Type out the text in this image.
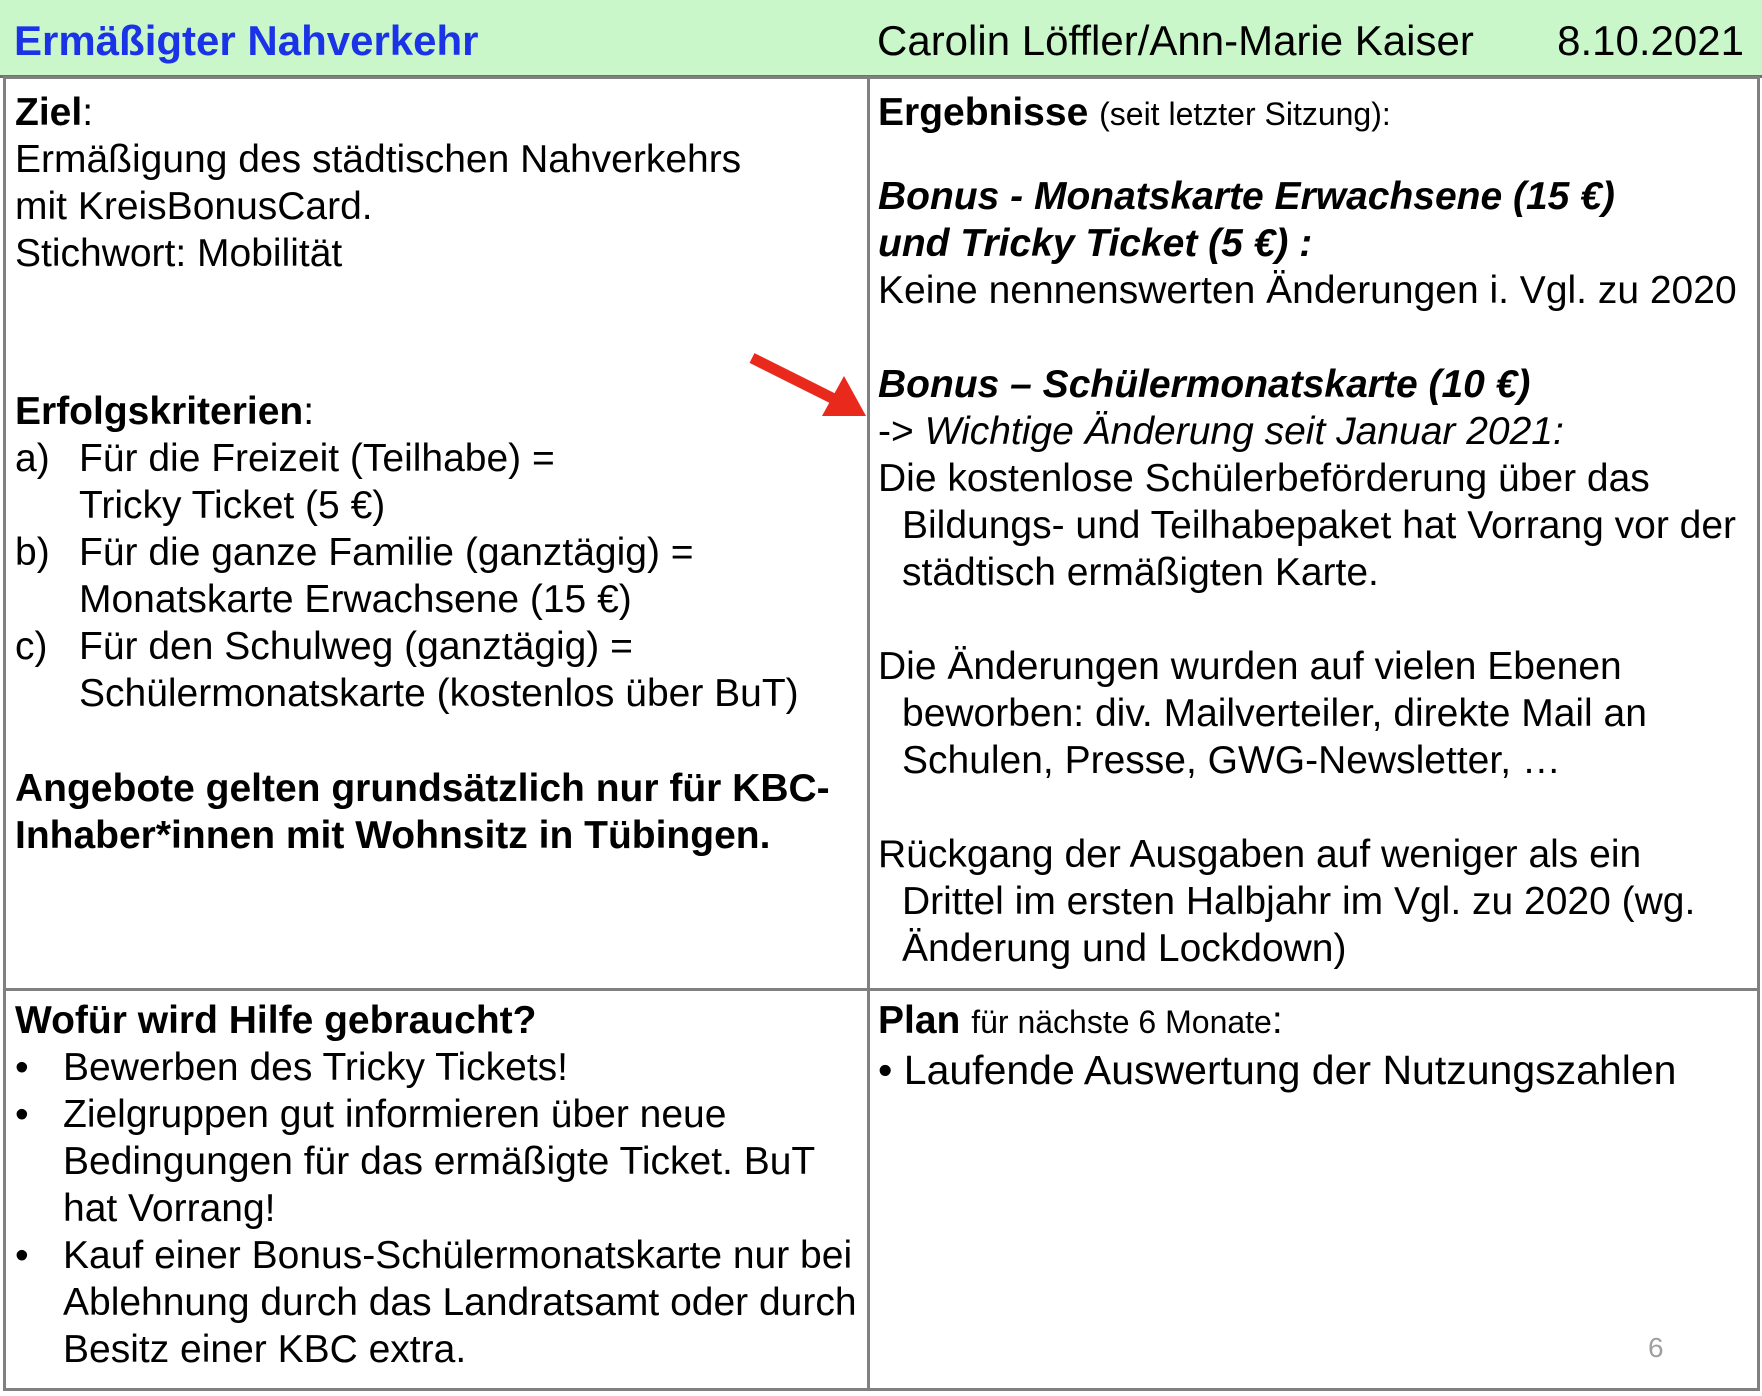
Ermäßigter Nahverkehr	Carolin Löffler/Ann-Marie Kaiser 8.10.2021
Ziel:
Ermäßigung des städtischen Nahverkehrs
mit KreisBonusCard.
Stichwort: Mobilität
Erfolgskriterien:
a) Für die Freizeit (Teilhabe) =
Tricky Ticket (5 €)
b) Für die ganze Familie (ganztägig) =
Monatskarte Erwachsene (15 €)
c) Für den Schulweg (ganztägig) =
Schülermonatskarte (kostenlos über BuT)
Angebote gelten grundsätzlich nur für KBC-
Inhaber*innen mit Wohnsitz in Tübingen.
Ergebnisse (seit letzter Sitzung):
Bonus - Monatskarte Erwachsene (15 €)
und Tricky Ticket (5 €) :
Keine nennenswerten Änderungen i. Vgl. zu 2020
Bonus – Schülermonatskarte (10 €)
-> Wichtige Änderung seit Januar 2021:
Die kostenlose Schülerbeförderung über das
Bildungs- und Teilhabepaket hat Vorrang vor der
städtisch ermäßigten Karte.
Die Änderungen wurden auf vielen Ebenen
beworben: div. Mailverteiler, direkte Mail an
Schulen, Presse, GWG-Newsletter, …
Rückgang der Ausgaben auf weniger als ein
Drittel im ersten Halbjahr im Vgl. zu 2020 (wg.
Änderung und Lockdown)
Wofür wird Hilfe gebraucht?
• Bewerben des Tricky Tickets!
• Zielgruppen gut informieren über neue
Bedingungen für das ermäßigte Ticket. BuT
hat Vorrang!
• Kauf einer Bonus-Schülermonatskarte nur bei
Ablehnung durch das Landratsamt oder durch
Besitz einer KBC extra.
Plan für nächste 6 Monate:
• Laufende Auswertung der Nutzungszahlen
6
